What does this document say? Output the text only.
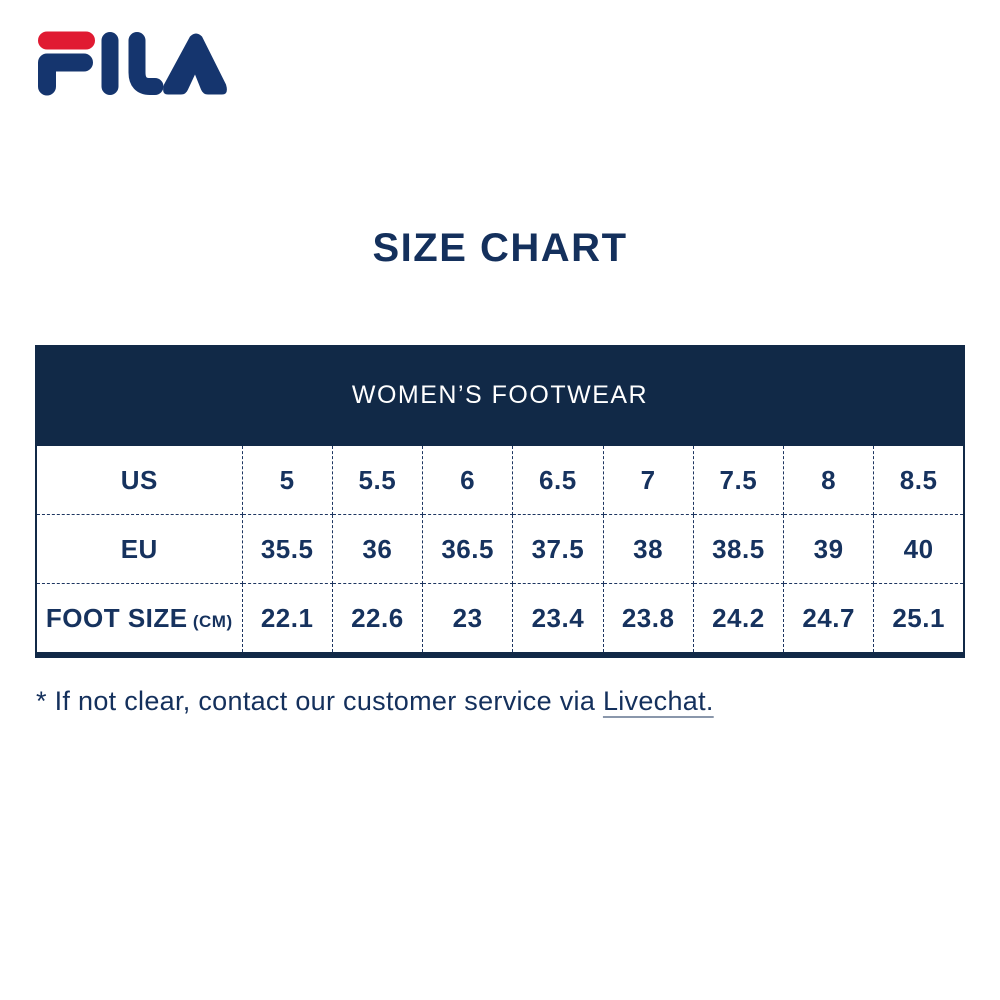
SIZE CHART
WOMEN’S FOOTWEAR								
US	5	5.5	6	6.5	7	7.5	8	8.5
EU	35.5	36	36.5	37.5	38	38.5	39	40
FOOT SIZE (CM)	22.1	22.6	23	23.4	23.8	24.2	24.7	25.1
* If not clear, contact our customer service via Livechat.
